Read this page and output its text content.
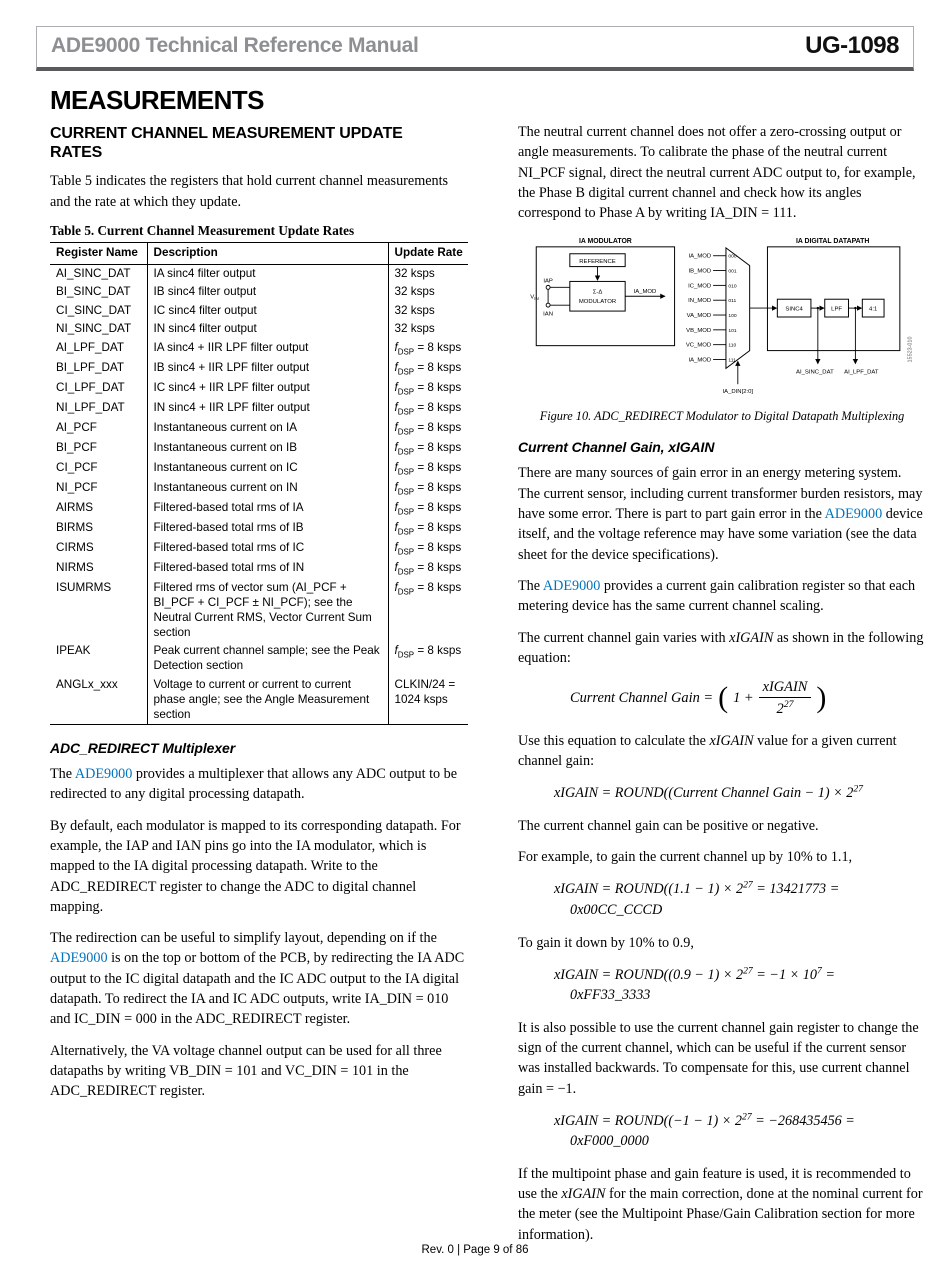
ADE9000 Technical Reference Manual	UG-1098
MEASUREMENTS
CURRENT CHANNEL MEASUREMENT UPDATE RATES

Table 5 indicates the registers that hold current channel measurements and the rate at which they update.

Table 5. Current Channel Measurement Update Rates
Register Name	Description	Update Rate
AI_SINC_DAT	IA sinc4 filter output	32 ksps
BI_SINC_DAT	IB sinc4 filter output	32 ksps
CI_SINC_DAT	IC sinc4 filter output	32 ksps
NI_SINC_DAT	IN sinc4 filter output	32 ksps
AI_LPF_DAT	IA sinc4 + IIR LPF filter output	$f_{DSP} = 8$ ksps
BI_LPF_DAT	IB sinc4 + IIR LPF filter output	$f_{DSP} = 8$ ksps
CI_LPF_DAT	IC sinc4 + IIR LPF filter output	$f_{DSP} = 8$ ksps
NI_LPF_DAT	IN sinc4 + IIR LPF filter output	$f_{DSP} = 8$ ksps
AI_PCF	Instantaneous current on IA	$f_{DSP} = 8$ ksps
BI_PCF	Instantaneous current on IB	$f_{DSP} = 8$ ksps
CI_PCF	Instantaneous current on IC	$f_{DSP} = 8$ ksps
NI_PCF	Instantaneous current on IN	$f_{DSP} = 8$ ksps
AIRMS	Filtered-based total rms of IA	$f_{DSP} = 8$ ksps
BIRMS	Filtered-based total rms of IB	$f_{DSP} = 8$ ksps
CIRMS	Filtered-based total rms of IC	$f_{DSP} = 8$ ksps
NIRMS	Filtered-based total rms of IN	$f_{DSP} = 8$ ksps
ISUMRMS	Filtered rms of vector sum (AI_PCF + BI_PCF + CI_PCF ± NI_PCF); see the Neutral Current RMS, Vector Current Sum section	$f_{DSP} = 8$ ksps
IPEAK	Peak current channel sample; see the Peak Detection section	$f_{DSP} = 8$ ksps
ANGLx_xxx	Voltage to current or current to current phase angle; see the Angle Measurement section	CLKIN/24 = 1024 ksps
ADC_REDIRECT Multiplexer

The ADE9000 provides a multiplexer that allows any ADC output to be redirected to any digital processing datapath.

By default, each modulator is mapped to its corresponding datapath. For example, the IAP and IAN pins go into the IA modulator, which is mapped to the IA digital processing datapath. Write to the ADC_REDIRECT register to change the ADC to digital channel mapping.

The redirection can be useful to simplify layout, depending on if the ADE9000 is on the top or bottom of the PCB, by redirecting the IA ADC output to the IC digital datapath and the IC ADC output to the IA digital datapath. To redirect the IA and IC ADC outputs, write IA_DIN = 010 and IC_DIN = 000 in the ADC_REDIRECT register.

Alternatively, the VA voltage channel output can be used for all three datapaths by writing VB_DIN = 101 and VC_DIN = 101 in the ADC_REDIRECT register.

The neutral current channel does not offer a zero-crossing output or angle measurements. To calibrate the phase of the neutral current NI_PCF signal, direct the neutral current ADC output to, for example, the Phase B digital current channel and check how its angles correspond to Phase A by writing IA_DIN = 111.

IA MODULATOR	IA DIGITAL DATAPATH
REFERENCE
Σ-Δ
MODULATOR
IAP
IAN
$V_{IN}$
IA_MOD
IA_MOD
IB_MOD
IC_MOD
IN_MOD
VA_MOD
VB_MOD
VC_MOD
IA_MOD
000
001
010
011
100
101
110
111
IA_DIN[2:0]
SINC4	LPF	4:1
AI_SINC_DAT AI_LPF_DAT
15523-010
Figure 10. ADC_REDIRECT Modulator to Digital Datapath Multiplexing
Current Channel Gain, xIGAIN

There are many sources of gain error in an energy metering system. The current sensor, including current transformer burden resistors, may have some error. There is part to part gain error in the ADE9000 device itself, and the voltage reference may have some variation (see the data sheet for the device specifications).

The ADE9000 provides a current gain calibration register so that each metering device has the same current channel scaling.

The current channel gain varies with xIGAIN as shown in the following equation:

Current Channel Gain = ( $1 + \frac{\text{xIGAIN}}{2^{27}}$ )

Use this equation to calculate the xIGAIN value for a given current channel gain:

xIGAIN = ROUND((Current Channel Gain − $1) \times 2^{27}$

The current channel gain can be positive or negative.

For example, to gain the current channel up by 10% to 1.1,

xIGAIN = ROUND((1.1 − $1) \times 2^{27} = 13421773$ =
0x00CC_CCCD

To gain it down by 10% to 0.9,

xIGAIN = ROUND((0.9 − $1) \times 2^{27} = -1 \times 10^7$ =
0xFF33_3333

It is also possible to use the current channel gain register to change the sign of the current channel, which can be useful if the current sensor was installed backwards. To compensate for this, use current channel gain = −1.

xIGAIN = ROUND((−1 − $1) \times 2^{27} = -268435456$ =
0xF000_0000

If the multipoint phase and gain feature is used, it is recommended to use the xIGAIN for the main correction, done at the nominal current for the meter (see the Multipoint Phase/Gain Calibration section for more information).

Rev. 0 | Page 9 of 86
